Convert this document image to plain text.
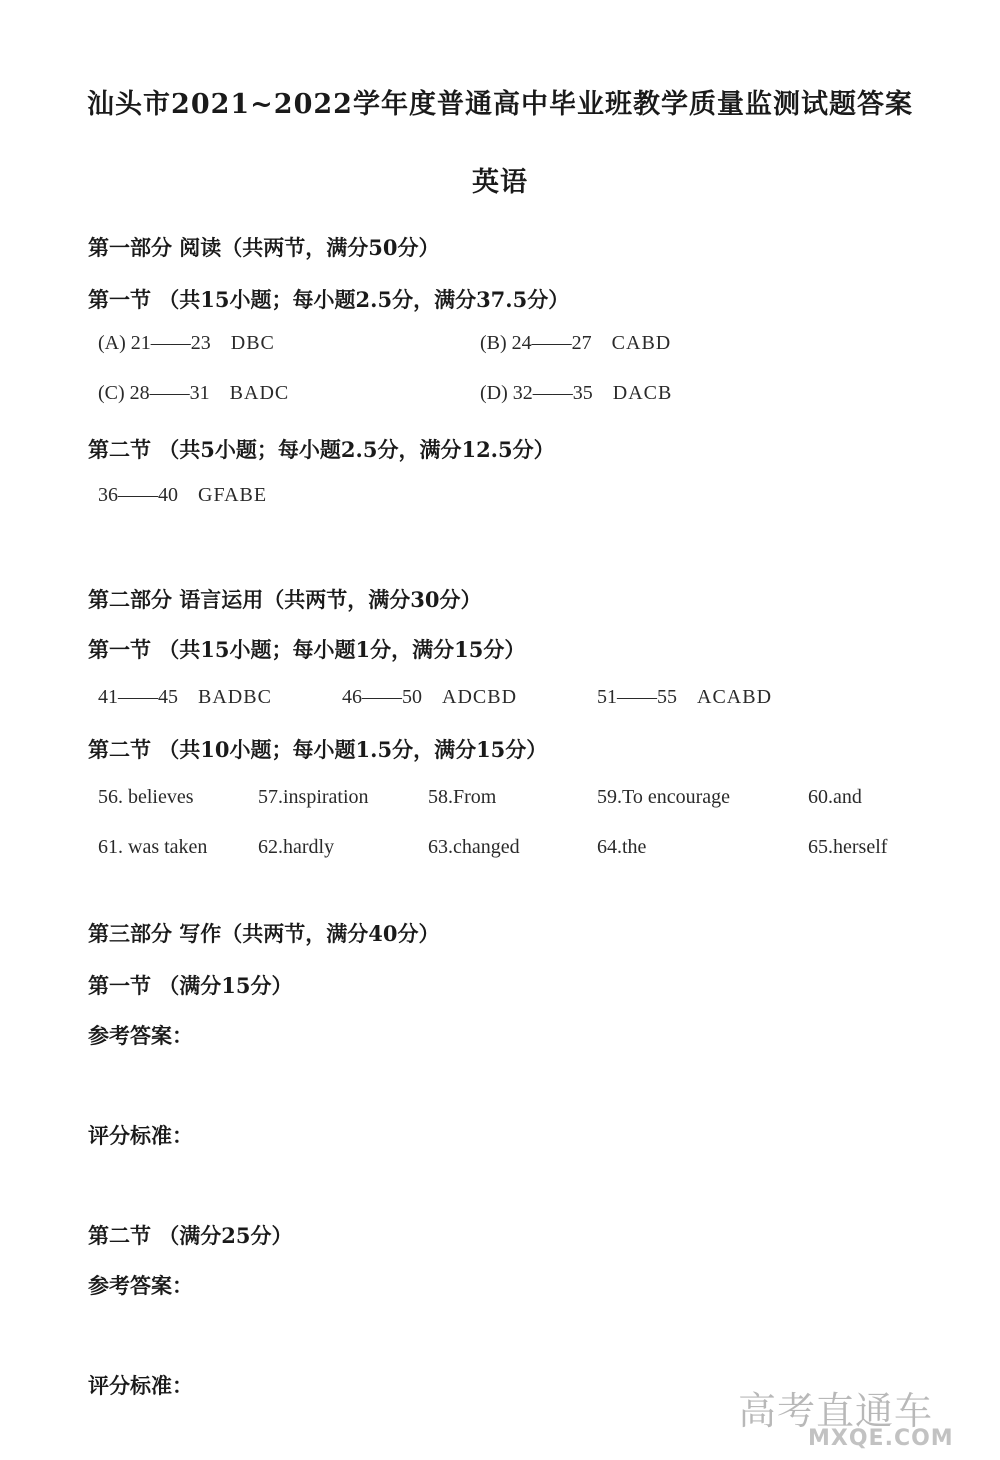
汕头市2021~2022学年度普通高中毕业班教学质量监测试题答案
英语
第一部分 阅读（共两节，满分50分）
第一节 （共15小题；每小题2.5分，满分37.5分）
(A) 21——23 DBC	(B) 24——27 CABD
(C) 28——31 BADC	(D) 32——35 DACB
第二节 （共5小题；每小题2.5分，满分12.5分）
36——40 GFABE
第二部分 语言运用（共两节，满分30分）
第一节 （共15小题；每小题1分，满分15分）
41——45 BADBC	46——50 ADCBD	51——55 ACABD
第二节 （共10小题；每小题1.5分，满分15分）
56. believes	57.inspiration	58.From	59.To encourage	60.and
61. was taken	62.hardly	63.changed	64.the	65.herself
第三部分 写作（共两节，满分40分）
第一节 （满分15分）
参考答案：
评分标准：
第二节 （满分25分）
参考答案：
评分标准：
高考直通车
MXQE.COM
